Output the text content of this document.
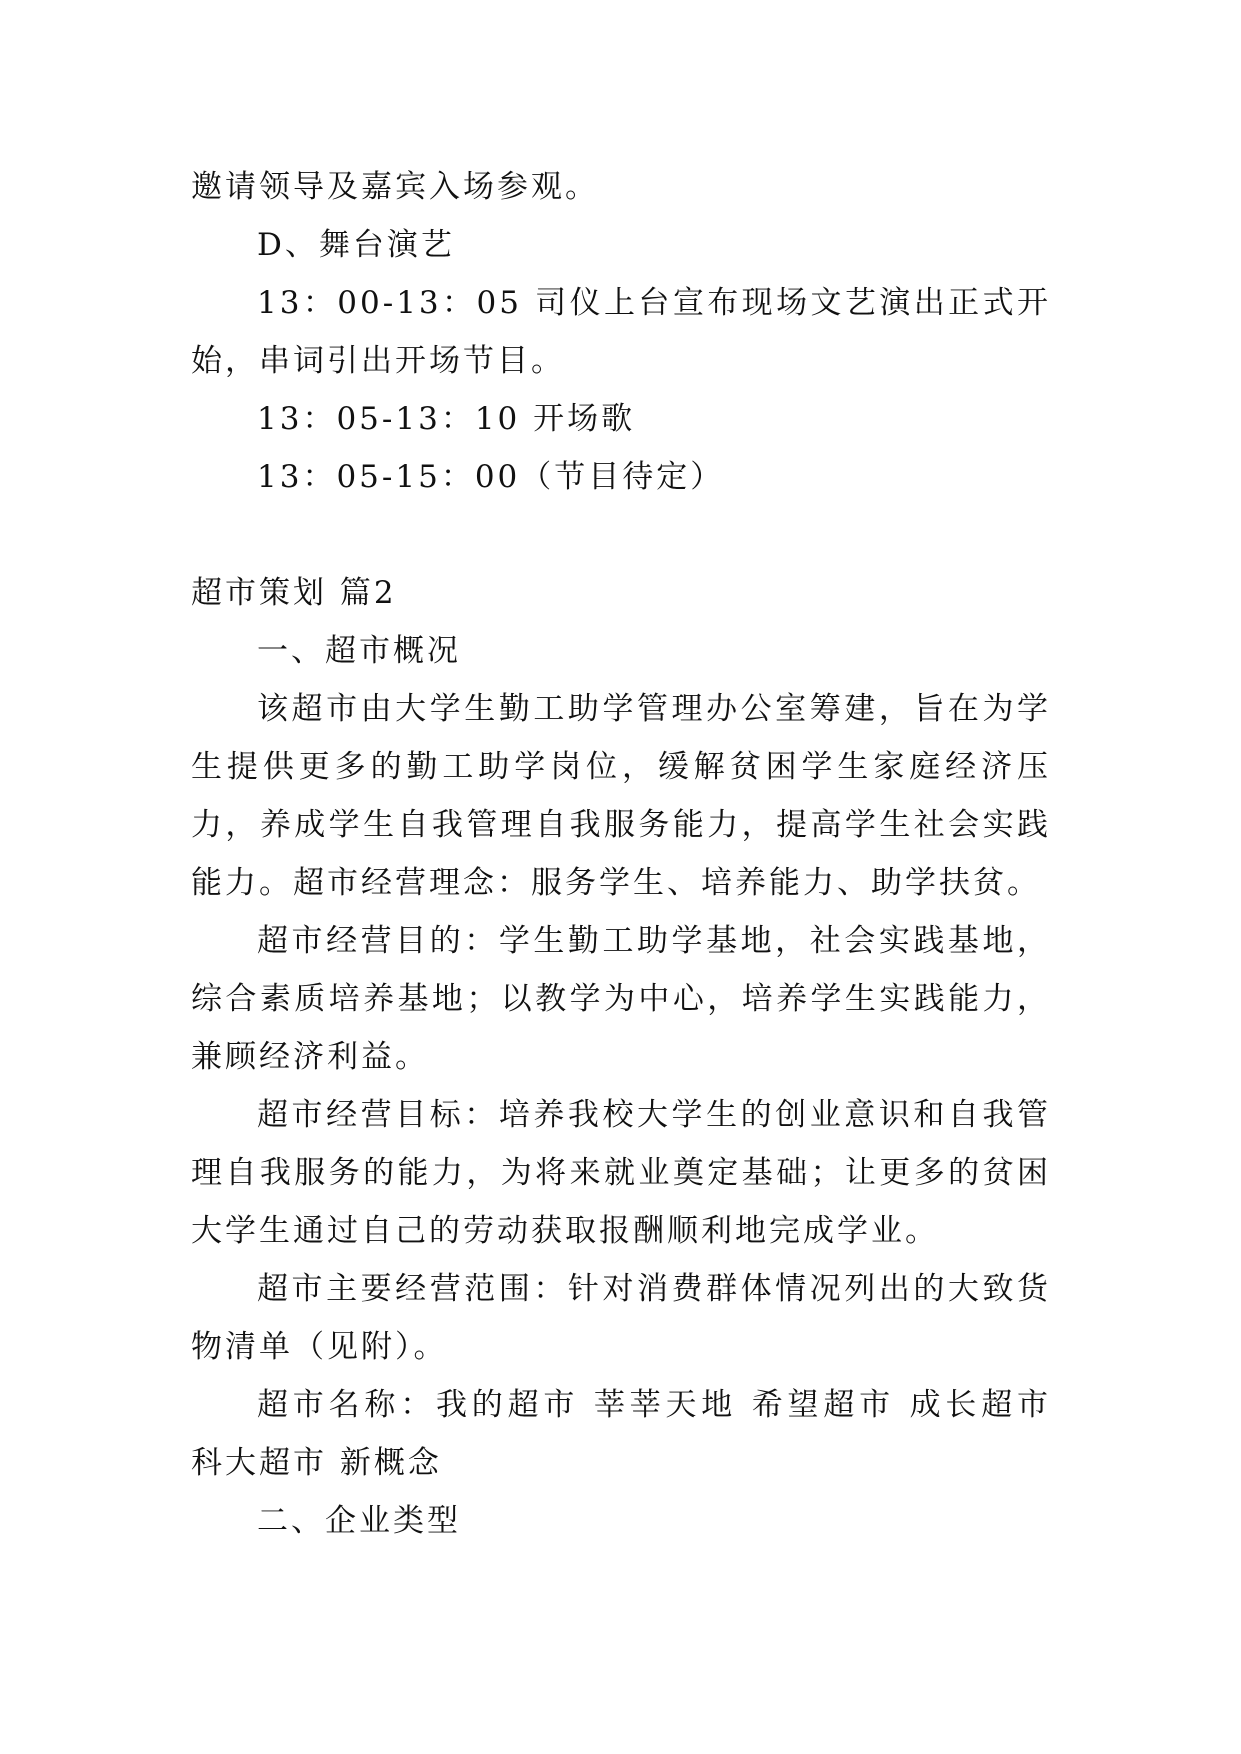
邀请领导及嘉宾入场参观。

D、舞台演艺

13：00-13：05 司仪上台宣布现场文艺演出正式开始，串词引出开场节目。

13：05-13：10 开场歌

13：05-15：00（节目待定）

超市策划 篇2

一、超市概况

该超市由大学生勤工助学管理办公室筹建，旨在为学生提供更多的勤工助学岗位，缓解贫困学生家庭经济压力，养成学生自我管理自我服务能力，提高学生社会实践能力。超市经营理念：服务学生、培养能力、助学扶贫。

超市经营目的：学生勤工助学基地，社会实践基地，综合素质培养基地；以教学为中心，培养学生实践能力，兼顾经济利益。

超市经营目标：培养我校大学生的创业意识和自我管理自我服务的能力，为将来就业奠定基础；让更多的贫困大学生通过自己的劳动获取报酬顺利地完成学业。

超市主要经营范围：针对消费群体情况列出的大致货物清单（见附）。

超市名称：我的超市 莘莘天地 希望超市 成长超市 科大超市 新概念

二、企业类型
